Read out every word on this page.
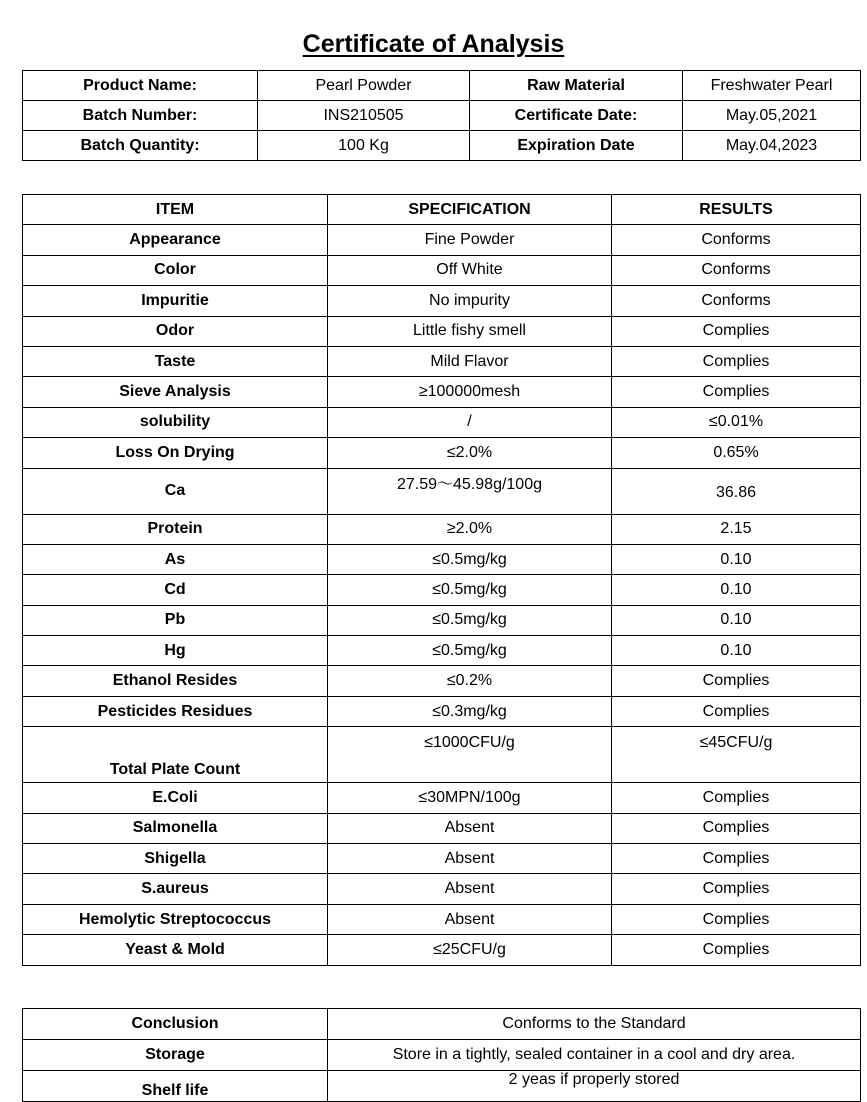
Certificate of Analysis
Product Name:	Pearl Powder	Raw Material	Freshwater Pearl
Batch Number:	INS210505	Certificate Date:	May.05,2021
Batch Quantity:	100 Kg	Expiration Date	May.04,2023
ITEM	SPECIFICATION	RESULTS
Appearance	Fine Powder	Conforms
Color	Off White	Conforms
Impuritie	No impurity	Conforms
Odor	Little fishy smell	Complies
Taste	Mild Flavor	Complies
Sieve Analysis	≥100000mesh	Complies
solubility	/	≤0.01%
Loss On Drying	≤2.0%	0.65%
Ca	27.59～45.98g/100g	36.86
Protein	≥2.0%	2.15
As	≤0.5mg/kg	0.10
Cd	≤0.5mg/kg	0.10
Pb	≤0.5mg/kg	0.10
Hg	≤0.5mg/kg	0.10
Ethanol Resides	≤0.2%	Complies
Pesticides Residues	≤0.3mg/kg	Complies
Total Plate Count	≤1000CFU/g	≤45CFU/g
E.Coli	≤30MPN/100g	Complies
Salmonella	Absent	Complies
Shigella	Absent	Complies
S.aureus	Absent	Complies
Hemolytic Streptococcus	Absent	Complies
Yeast & Mold	≤25CFU/g	Complies
Conclusion	Conforms to the Standard
Storage	Store in a tightly, sealed container in a cool and dry area.
Shelf life	2 yeas if properly stored
